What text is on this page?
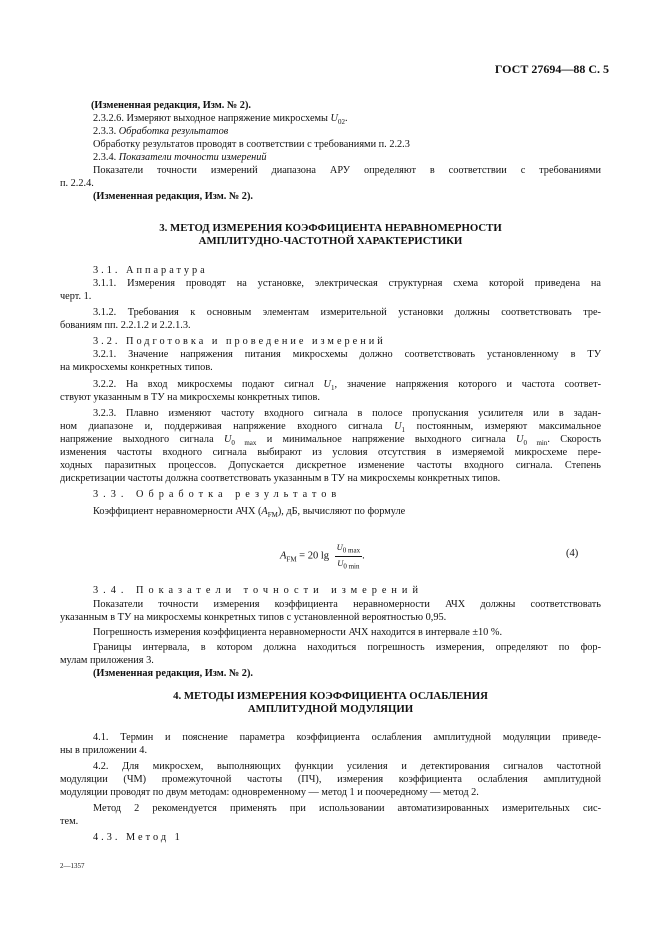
ГОСТ 27694—88 С. 5
(Измененная редакция, Изм. № 2).
2.3.2.6. Измеряют выходное напряжение микросхемы $U_{02}$.
2.3.3. Обработка результатов
Обработку результатов проводят в соответствии с требованиями п. 2.2.3
2.3.4. Показатели точности измерений
Показатели точности измерений диапазона АРУ определяют в соответствии с требованиями
п. 2.2.4.
(Измененная редакция, Изм. № 2).
3. МЕТОД ИЗМЕРЕНИЯ КОЭФФИЦИЕНТА НЕРАВНОМЕРНОСТИ
АМПЛИТУДНО-ЧАСТОТНОЙ ХАРАКТЕРИСТИКИ
3.1. Аппаратура
3.1.1. Измерения проводят на установке, электрическая структурная схема которой приведена на
черт. 1.
3.1.2. Требования к основным элементам измерительной установки должны соответствовать тре-
бованиям пп. 2.2.1.2 и 2.2.1.3.
3.2. Подготовка и проведение измерений
3.2.1. Значение напряжения питания микросхемы должно соответствовать установленному в ТУ
на микросхемы конкретных типов.
3.2.2. На вход микросхемы подают сигнал $U_1$, значение напряжения которого и частота соответ-
ствуют указанным в ТУ на микросхемы конкретных типов.
3.2.3. Плавно изменяют частоту входного сигнала в полосе пропускания усилителя или в задан-
ном диапазоне и, поддерживая напряжение входного сигнала $U_1$ постоянным, измеряют максимальное
напряжение выходного сигнала $U_{0 max}$ и минимальное напряжение выходного сигнала $U_{0 min}$. Скорость
изменения частоты входного сигнала выбирают из условия отсутствия в измеряемой микросхеме пере-
ходных паразитных процессов. Допускается дискретное изменение частоты входного сигнала. Степень
дискретизации частоты должна соответствовать указанным в ТУ на микросхемы конкретных типов.
3.3. Обработка результатов
Коэффициент неравномерности АЧХ $(A_{FM})$, дБ, вычисляют по формуле
$A_{FM} = 20$ $\lg \frac{U_{0 max}}{U_{0 min}}$ .	(4)
3.4. Показатели точности измерений
Показатели точности измерения коэффициента неравномерности АЧХ должны соответствовать
указанным в ТУ на микросхемы конкретных типов с установленной вероятностью 0,95.
Погрешность измерения коэффициента неравномерности АЧХ находится в интервале ±10 %.
Границы интервала, в котором должна находиться погрешность измерения, определяют по фор-
мулам приложения 3.
(Измененная редакция, Изм. № 2).
4. МЕТОДЫ ИЗМЕРЕНИЯ КОЭФФИЦИЕНТА ОСЛАБЛЕНИЯ
АМПЛИТУДНОЙ МОДУЛЯЦИИ
4.1. Термин и пояснение параметра коэффициента ослабления амплитудной модуляции приведе-
ны в приложении 4.
4.2. Для микросхем, выполняющих функции усиления и детектирования сигналов частотной
модуляции (ЧМ) промежуточной частоты (ПЧ), измерения коэффициента ослабления амплитудной
модуляции проводят по двум методам: одновременному — метод 1 и поочередному — метод 2.
Метод 2 рекомендуется применять при использовании автоматизированных измерительных сис-
тем.
4.3. Метод 1
2—1357
